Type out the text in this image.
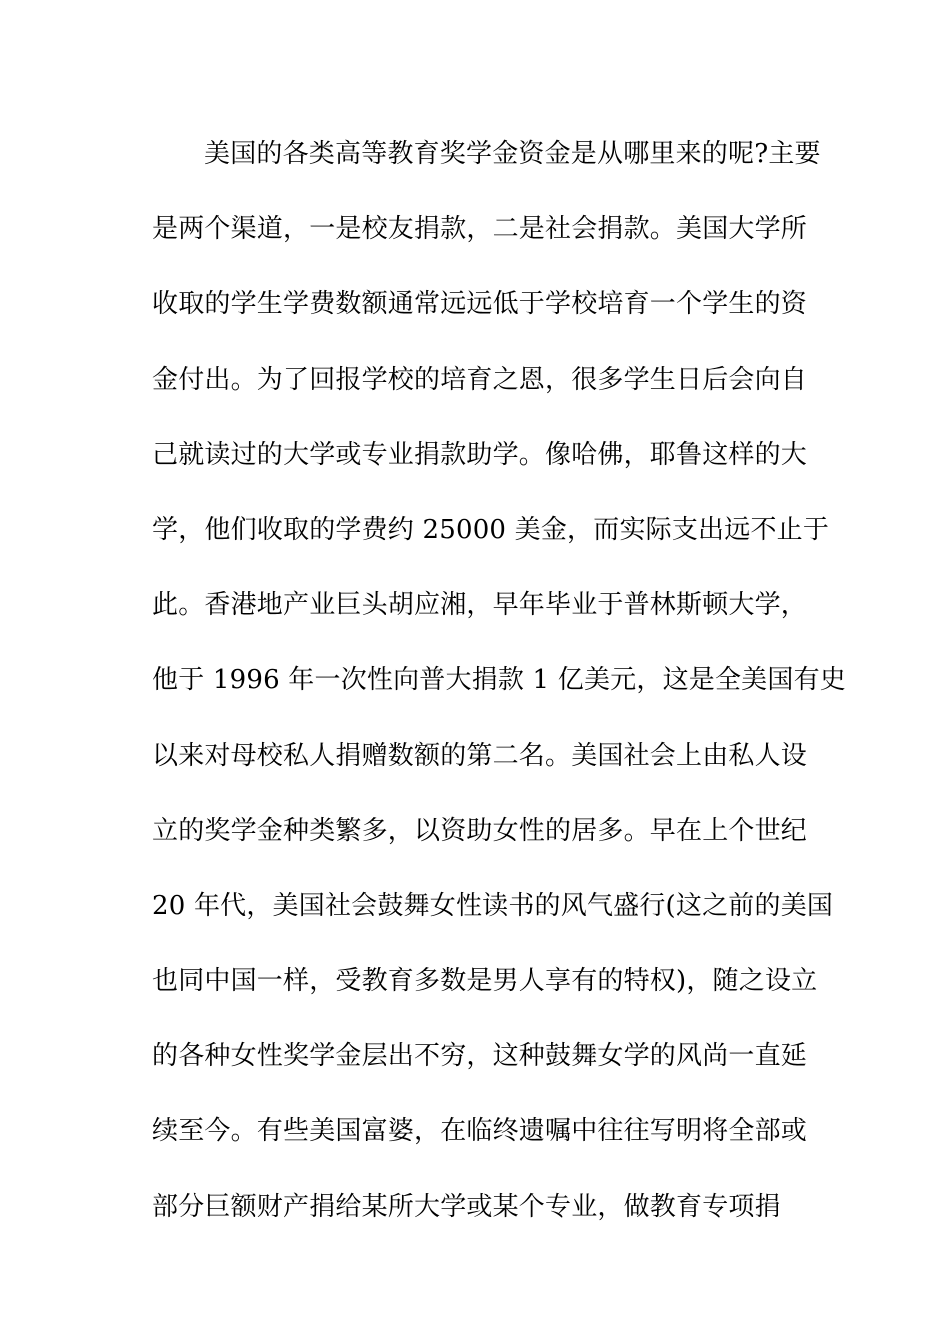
美国的各类高等教育奖学金资金是从哪里来的呢?主要
是两个渠道，一是校友捐款，二是社会捐款。美国大学所
收取的学生学费数额通常远远低于学校培育一个学生的资
金付出。为了回报学校的培育之恩，很多学生日后会向自
己就读过的大学或专业捐款助学。像哈佛，耶鲁这样的大
学，他们收取的学费约 25000 美金，而实际支出远不止于
此。香港地产业巨头胡应湘，早年毕业于普林斯顿大学，
他于 1996 年一次性向普大捐款 1 亿美元，这是全美国有史
以来对母校私人捐赠数额的第二名。美国社会上由私人设
立的奖学金种类繁多，以资助女性的居多。早在上个世纪
20 年代，美国社会鼓舞女性读书的风气盛行(这之前的美国
也同中国一样，受教育多数是男人享有的特权)，随之设立
的各种女性奖学金层出不穷，这种鼓舞女学的风尚一直延
续至今。有些美国富婆，在临终遗嘱中往往写明将全部或
部分巨额财产捐给某所大学或某个专业，做教育专项捐
